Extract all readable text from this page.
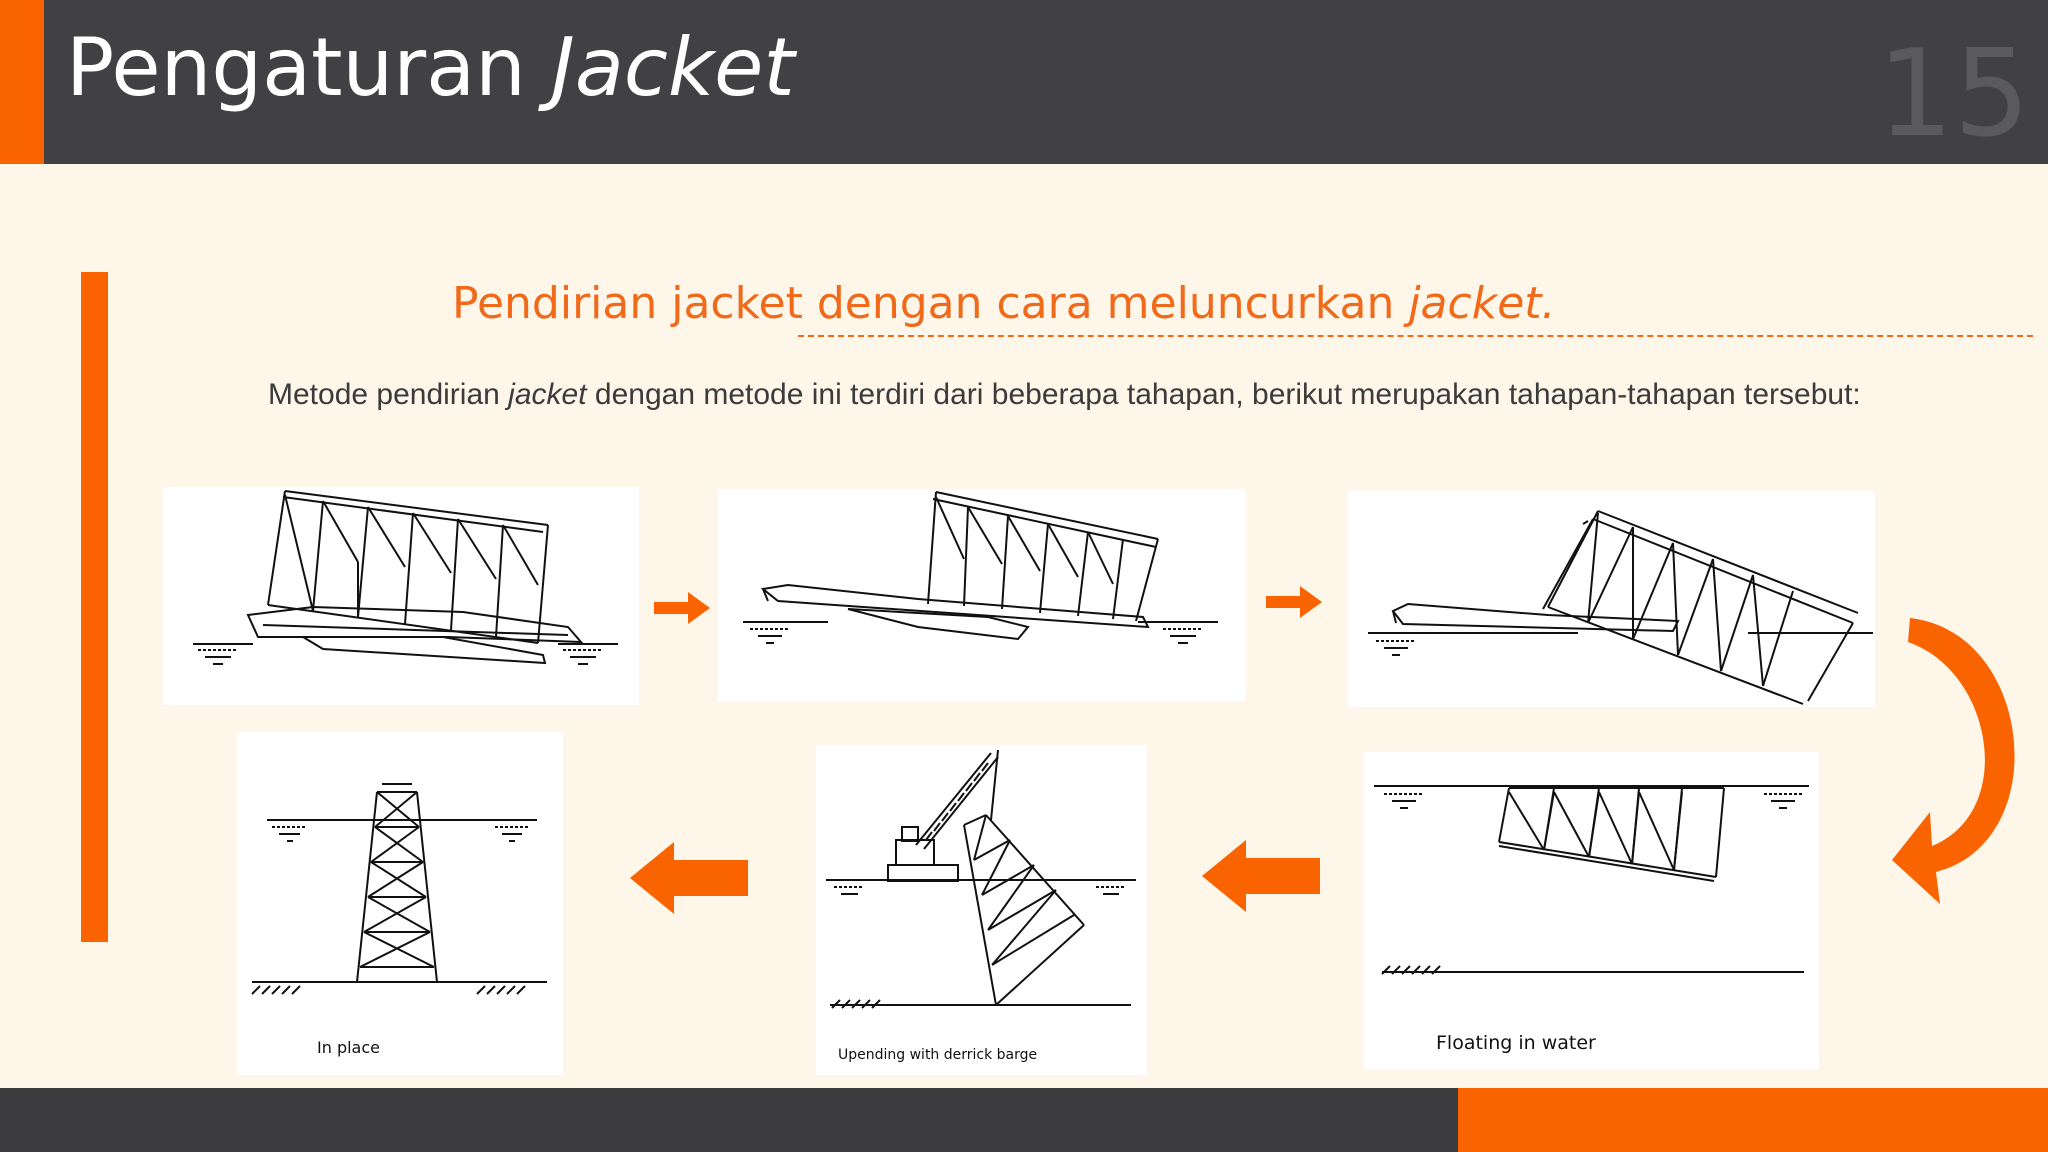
Pengaturan Jacket	15
Pendirian jacket dengan cara meluncurkan jacket.
Metode pendirian jacket dengan metode ini terdiri dari beberapa tahapan, berikut merupakan tahapan-tahapan tersebut:
Floating in water
Upending with derrick barge
In place
